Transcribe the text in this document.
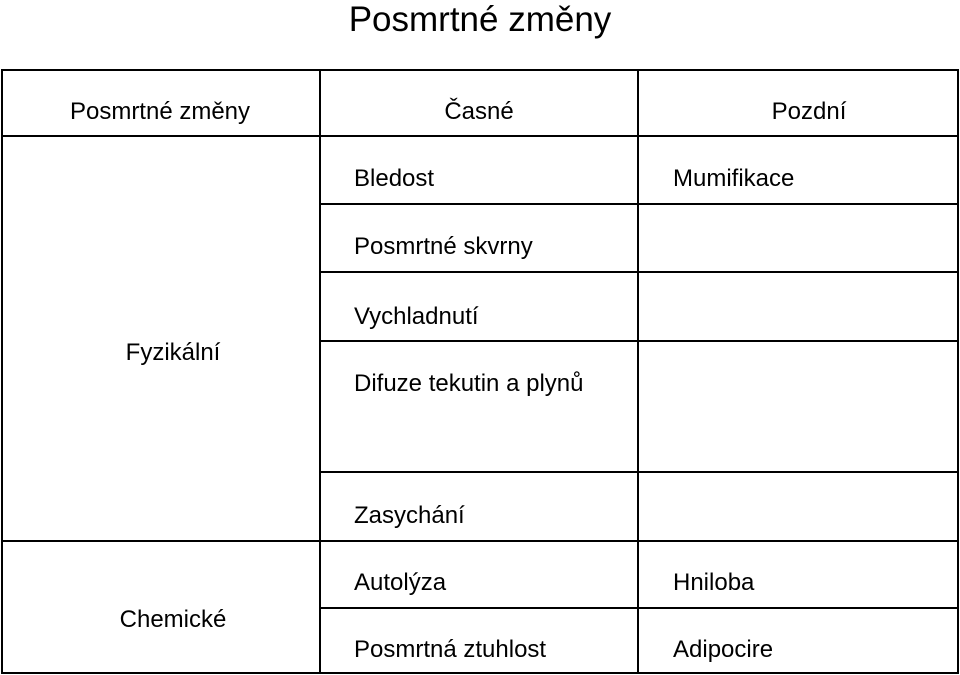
Posmrtné změny
Posmrtné změny	Časné	Pozdní
Fyzikální
Bledost
Posmrtné skvrny
Vychladnutí
Difuze tekutin a plynů
Zasychání
Mumifikace
Chemické
Autolýza
Posmrtná ztuhlost
Hniloba
Adipocire
